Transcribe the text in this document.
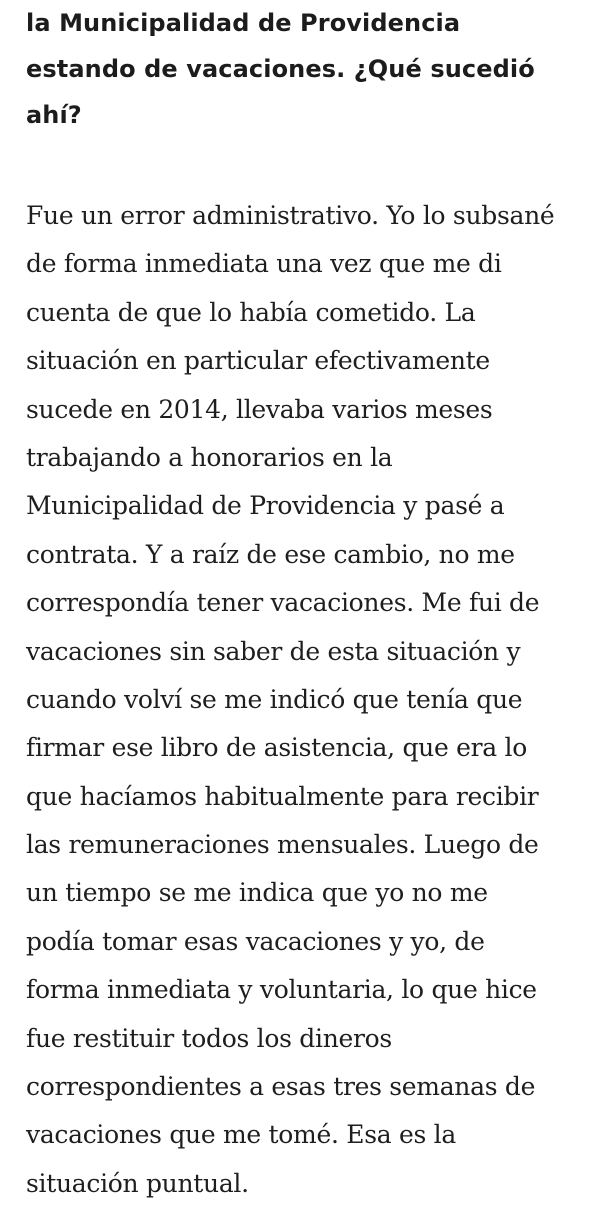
la Municipalidad de Providencia
estando de vacaciones. ¿Qué sucedió
ahí?

Fue un error administrativo. Yo lo subsané
de forma inmediata una vez que me di
cuenta de que lo había cometido. La
situación en particular efectivamente
sucede en 2014, llevaba varios meses
trabajando a honorarios en la
Municipalidad de Providencia y pasé a
contrata. Y a raíz de ese cambio, no me
correspondía tener vacaciones. Me fui de
vacaciones sin saber de esta situación y
cuando volví se me indicó que tenía que
firmar ese libro de asistencia, que era lo
que hacíamos habitualmente para recibir
las remuneraciones mensuales. Luego de
un tiempo se me indica que yo no me
podía tomar esas vacaciones y yo, de
forma inmediata y voluntaria, lo que hice
fue restituir todos los dineros
correspondientes a esas tres semanas de
vacaciones que me tomé. Esa es la
situación puntual.
